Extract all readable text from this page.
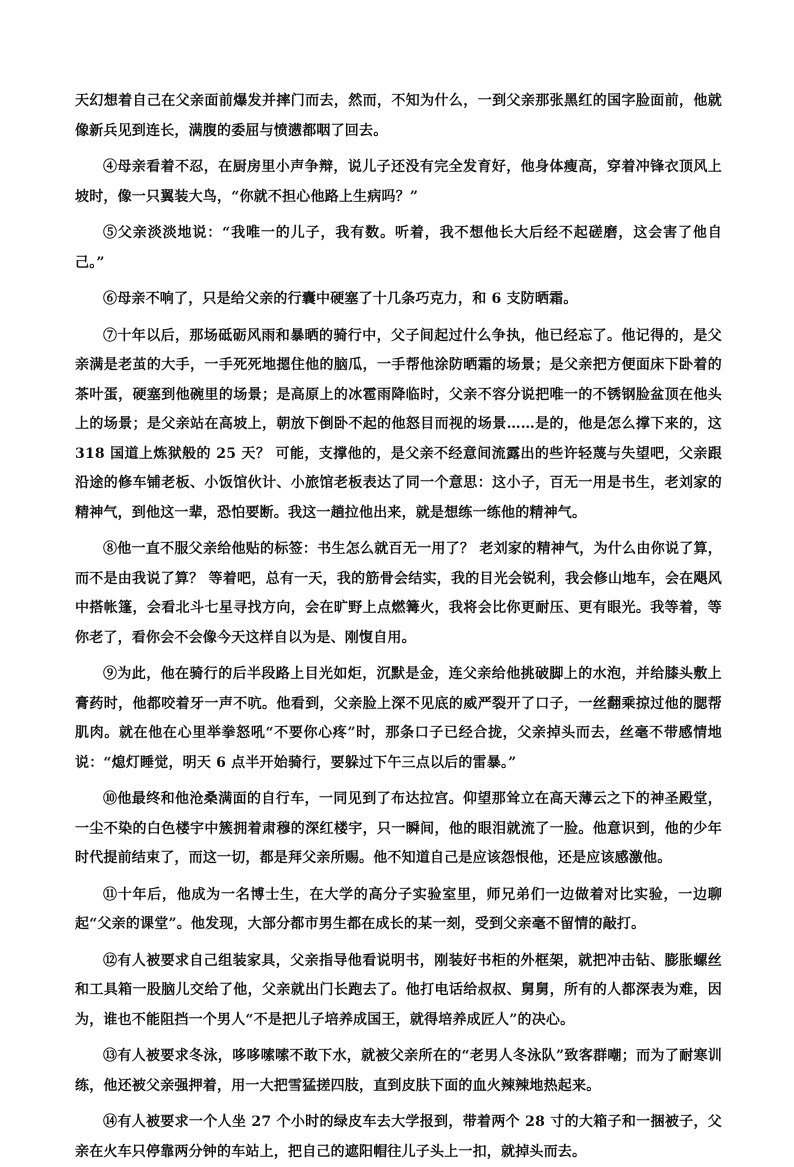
天幻想着自己在父亲面前爆发并摔门而去，然而，不知为什么，一到父亲那张黑红的国字脸面前，他就像新兵见到连长，满腹的委屈与愤懑都咽了回去。

④母亲看着不忍，在厨房里小声争辩，说儿子还没有完全发育好，他身体瘦高，穿着冲锋衣顶风上坡时，像一只翼装大鸟，“你就不担心他路上生病吗？”

⑤父亲淡淡地说：“我唯一的儿子，我有数。听着，我不想他长大后经不起磋磨，这会害了他自己。”

⑥母亲不响了，只是给父亲的行囊中硬塞了十几条巧克力，和 6 支防晒霜。

⑦十年以后，那场砥砺风雨和暴晒的骑行中，父子间起过什么争执，他已经忘了。他记得的，是父亲满是老茧的大手，一手死死地摁住他的脑瓜，一手帮他涂防晒霜的场景；是父亲把方便面床下卧着的茶叶蛋，硬塞到他碗里的场景；是高原上的冰雹雨降临时，父亲不容分说把唯一的不锈钢脸盆顶在他头上的场景；是父亲站在高坡上，朝放下倒卧不起的他怒目而视的场景……是的，他是怎么撑下来的，这 318 国道上炼狱般的 25 天？ 可能，支撑他的，是父亲不经意间流露出的些许轻蔑与失望吧，父亲跟沿途的修车铺老板、小饭馆伙计、小旅馆老板表达了同一个意思：这小子，百无一用是书生，老刘家的精神气，到他这一辈，恐怕要断。我这一趟拉他出来，就是想练一练他的精神气。

⑧他一直不服父亲给他贴的标签：书生怎么就百无一用了？ 老刘家的精神气，为什么由你说了算，而不是由我说了算？ 等着吧，总有一天，我的筋骨会结实，我的目光会锐利，我会修山地车，会在飓风中搭帐篷，会看北斗七星寻找方向，会在旷野上点燃篝火，我将会比你更耐压、更有眼光。我等着，等你老了，看你会不会像今天这样自以为是、刚愎自用。

⑨为此，他在骑行的后半段路上目光如炬，沉默是金，连父亲给他挑破脚上的水泡，并给膝头敷上膏药时，他都咬着牙一声不吭。他看到，父亲脸上深不见底的威严裂开了口子，一丝翻乘掠过他的腮帮肌肉。就在他在心里举拳怒吼“不要你心疼”时，那条口子已经合拢，父亲掉头而去，丝毫不带感情地说：“熄灯睡觉，明天 6 点半开始骑行，要躲过下午三点以后的雷暴。”

⑩他最终和他沧桑满面的自行车，一同见到了布达拉宫。仰望那耸立在高天薄云之下的神圣殿堂，一尘不染的白色楼宇中簇拥着肃穆的深红楼宇，只一瞬间，他的眼泪就流了一脸。他意识到，他的少年时代提前结束了，而这一切，都是拜父亲所赐。他不知道自己是应该怨恨他，还是应该感激他。

⑪十年后，他成为一名博士生，在大学的高分子实验室里，师兄弟们一边做着对比实验，一边聊起“父亲的课堂”。他发现，大部分都市男生都在成长的某一刻，受到父亲毫不留情的敲打。

⑫有人被要求自己组装家具，父亲指导他看说明书，刚装好书柜的外框架，就把冲击钻、膨胀螺丝和工具箱一股脑儿交给了他，父亲就出门长跑去了。他打电话给叔叔、舅舅，所有的人都深表为难，因为，谁也不能阻挡一个男人“不是把儿子培养成国王，就得培养成匠人”的决心。

⑬有人被要求冬泳，哆哆嗦嗦不敢下水，就被父亲所在的“老男人冬泳队”致客群嘲；而为了耐寒训练，他还被父亲强押着，用一大把雪猛搓四肢，直到皮肤下面的血火辣辣地热起来。

⑭有人被要求一个人坐 27 个小时的绿皮车去大学报到，带着两个 28 寸的大箱子和一捆被子，父亲在火车只停靠两分钟的车站上，把自己的遮阳帽往儿子头上一扣，就掉头而去。
